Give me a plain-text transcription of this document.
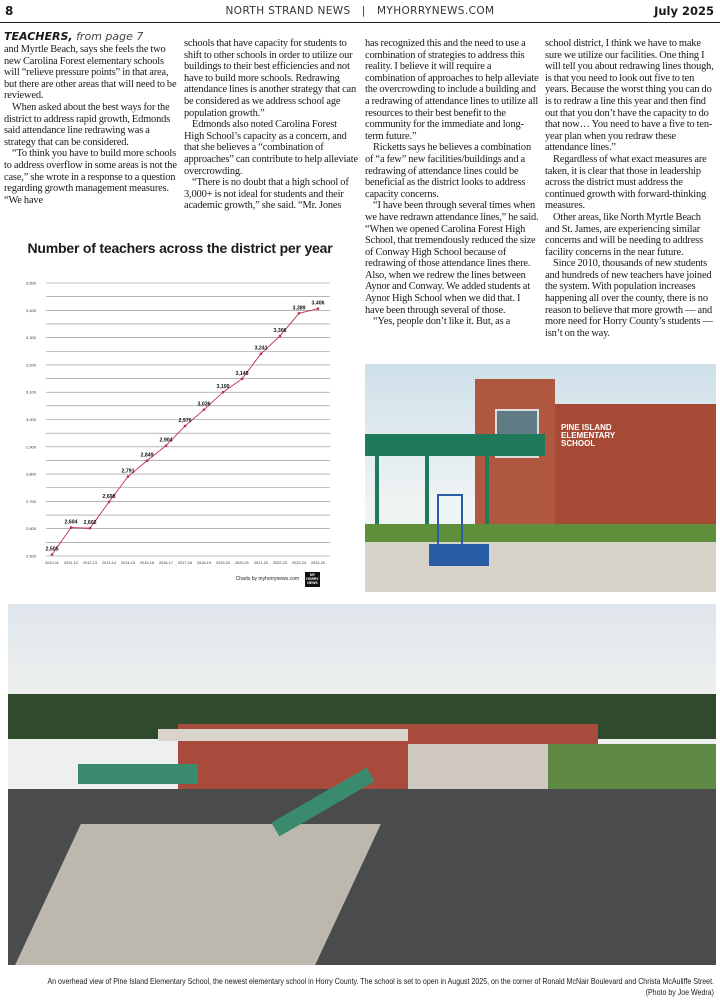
8	NORTH STRAND NEWS   |   MYHORRYNEWS.COM	July 2025
TEACHERS, from page 7

and Myrtle Beach, says she feels the two new Carolina Forest elementary schools will “relieve pressure points” in that area, but there are other areas that will need to be reviewed.

When asked about the best ways for the district to address rapid growth, Edmonds said attendance line redrawing was a strategy that can be considered.

“To think you have to build more schools to address overflow in some areas is not the case,” she wrote in a response to a question regarding growth management measures. “We have

schools that have capacity for students to shift to other schools in order to utilize our buildings to their best efficiencies and not have to build more schools. Redrawing attendance lines is another strategy that can be considered as we address school age population growth.”

Edmonds also noted Carolina Forest High School’s capacity as a concern, and that she believes a “combination of approaches” can contribute to help alleviate overcrowding.

“There is no doubt that a high school of 3,000+ is not ideal for students and their academic growth,” she said. “Mr. Jones

has recognized this and the need to use a combination of strategies to address this reality. I believe it will require a combination of approaches to help alleviate the overcrowding to include a building and a redrawing of attendance lines to utilize all resources to their best benefit to the community for the immediate and long-term future.”

Ricketts says he believes a combination of “a few” new facilities/buildings and a redrawing of attendance lines could be beneficial as the district looks to address capacity concerns.

“I have been through several times when we have redrawn attendance lines,” he said. “When we opened Carolina Forest High School, that tremendously reduced the size of Conway High School because of redrawing of those attendance lines there. Also, when we redrew the lines between Aynor and Conway. We added students at Aynor High School when we did that. I have been through several of those.

“Yes, people don’t like it. But, as a

school district, I think we have to make sure we utilize our facilities. One thing I will tell you about redrawing lines though, is that you need to look out five to ten years. Because the worst thing you can do is to redraw a line this year and then find out that you don’t have the capacity to do that now… You need to have a five to ten-year plan when you redraw these attendance lines.”

Regardless of what exact measures are taken, it is clear that those in leadership across the district must address the continued growth with forward-thinking measures.

Other areas, like North Myrtle Beach and St. James, are experiencing similar concerns and will be needing to address facility concerns in the near future.

Since 2010, thousands of new students and hundreds of new teachers have joined the system. With population increases happening all over the county, there is no reason to believe that more growth — and more need for Horry County’s students — isn’t on the way.

Number of teachers across the district per year
2,500
2,600
2,700
2,800
2,900
3,000
3,100
3,200
3,300
3,400
3,500
2010-11 2011-12 2012-13 2013-14 2014-15 2015-16 2016-17 2017-18 2018-19 2019-20 2020-21 2021-22 2022-23 2023-24 2024-25
2,505
2,604 2,602
2,698
2,791
2,849
2,904
2,976
3,036
3,100
3,149
3,241
3,306
3,389
3,406
Charts by myhorrynews.com
MY HORRY NEWS
PINE ISLAND ELEMENTARY SCHOOL
An overhead view of Pine Island Elementary School, the newest elementary school in Horry County. The school is set to open in August 2025, on the corner of Ronald McNair Boulevard and Christa McAuliffe Street.
(Photo by Joe Wedra)
